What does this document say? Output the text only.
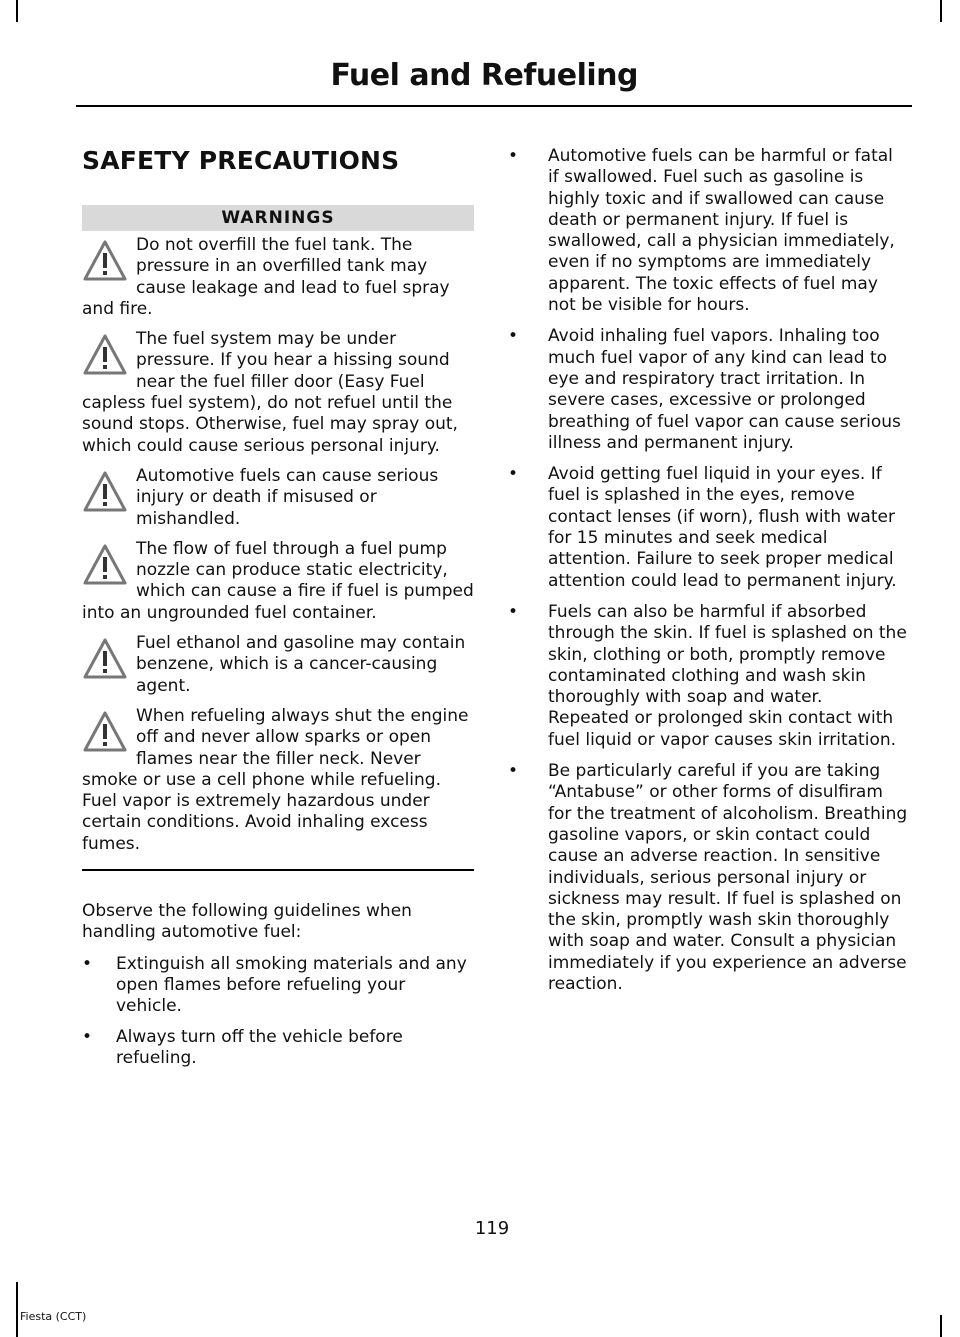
Fuel and Refueling
SAFETY PRECAUTIONS
WARNINGS
Do not overfill the fuel tank. The pressure in an overfilled tank may cause leakage and lead to fuel spray and fire.
The fuel system may be under pressure. If you hear a hissing sound near the fuel filler door (Easy Fuel capless fuel system), do not refuel until the sound stops. Otherwise, fuel may spray out, which could cause serious personal injury.
Automotive fuels can cause serious injury or death if misused or mishandled.
The flow of fuel through a fuel pump nozzle can produce static electricity, which can cause a fire if fuel is pumped into an ungrounded fuel container.
Fuel ethanol and gasoline may contain benzene, which is a cancer-causing agent.
When refueling always shut the engine off and never allow sparks or open flames near the filler neck. Never smoke or use a cell phone while refueling. Fuel vapor is extremely hazardous under certain conditions. Avoid inhaling excess fumes.

Observe the following guidelines when handling automotive fuel:

• Extinguish all smoking materials and any open flames before refueling your vehicle.
• Always turn off the vehicle before refueling.
• Automotive fuels can be harmful or fatal if swallowed. Fuel such as gasoline is highly toxic and if swallowed can cause death or permanent injury. If fuel is swallowed, call a physician immediately, even if no symptoms are immediately apparent. The toxic effects of fuel may not be visible for hours.
• Avoid inhaling fuel vapors. Inhaling too much fuel vapor of any kind can lead to eye and respiratory tract irritation. In severe cases, excessive or prolonged breathing of fuel vapor can cause serious illness and permanent injury.
• Avoid getting fuel liquid in your eyes. If fuel is splashed in the eyes, remove contact lenses (if worn), flush with water for 15 minutes and seek medical attention. Failure to seek proper medical attention could lead to permanent injury.
• Fuels can also be harmful if absorbed through the skin. If fuel is splashed on the skin, clothing or both, promptly remove contaminated clothing and wash skin thoroughly with soap and water. Repeated or prolonged skin contact with fuel liquid or vapor causes skin irritation.
• Be particularly careful if you are taking “Antabuse” or other forms of disulfiram for the treatment of alcoholism. Breathing gasoline vapors, or skin contact could cause an adverse reaction. In sensitive individuals, serious personal injury or sickness may result. If fuel is splashed on the skin, promptly wash skin thoroughly with soap and water. Consult a physician immediately if you experience an adverse reaction.
119
Fiesta (CCT)
